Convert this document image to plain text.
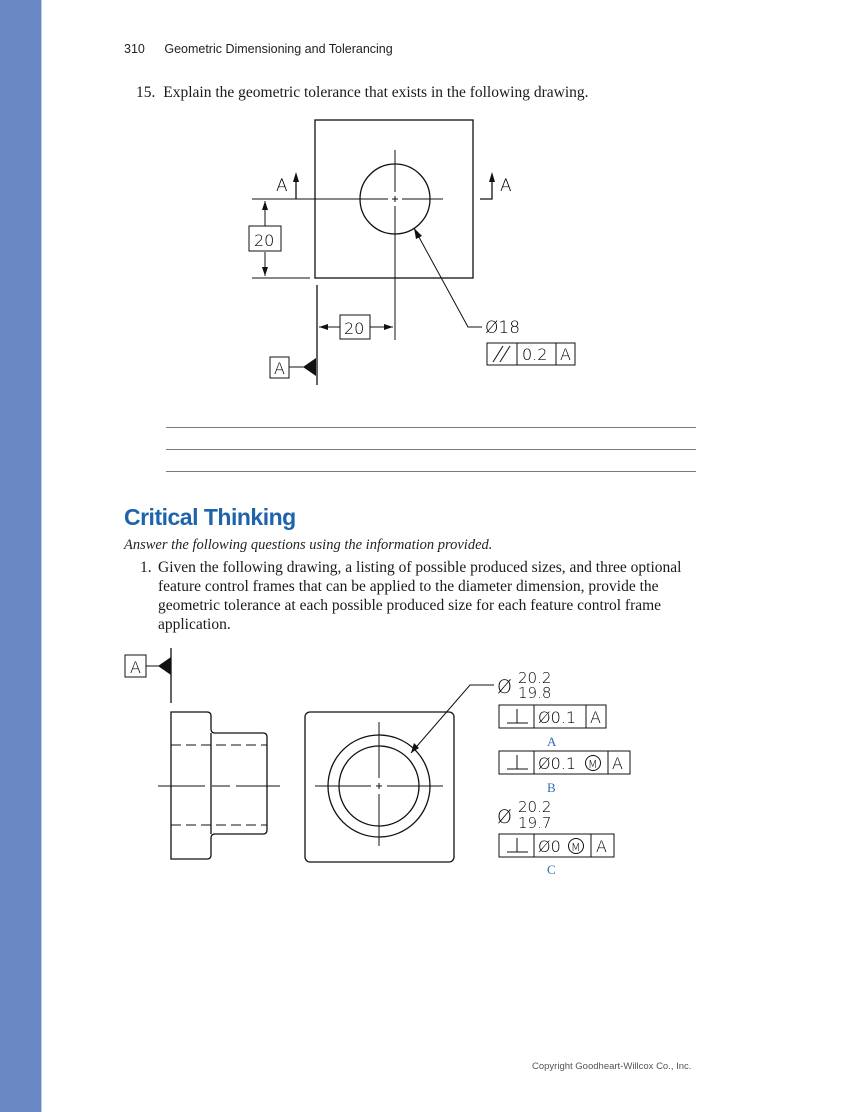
310 Geometric Dimensioning and Tolerancing
15. Explain the geometric tolerance that exists in the following drawing.
A	A
20
20	Ø18
0.2 A
A
Critical Thinking
Answer the following questions using the information provided.
1. Given the following drawing, a listing of possible produced sizes, and three optional feature control frames that can be applied to the diameter dimension, provide the geometric tolerance at each possible produced size for each feature control frame application.
A
Ø 20.2
19.8
Ø0.1 A
A
Ø0.1 M A
B
Ø 20.2
19.7
Ø0 M A
C
Copyright Goodheart-Willcox Co., Inc.
